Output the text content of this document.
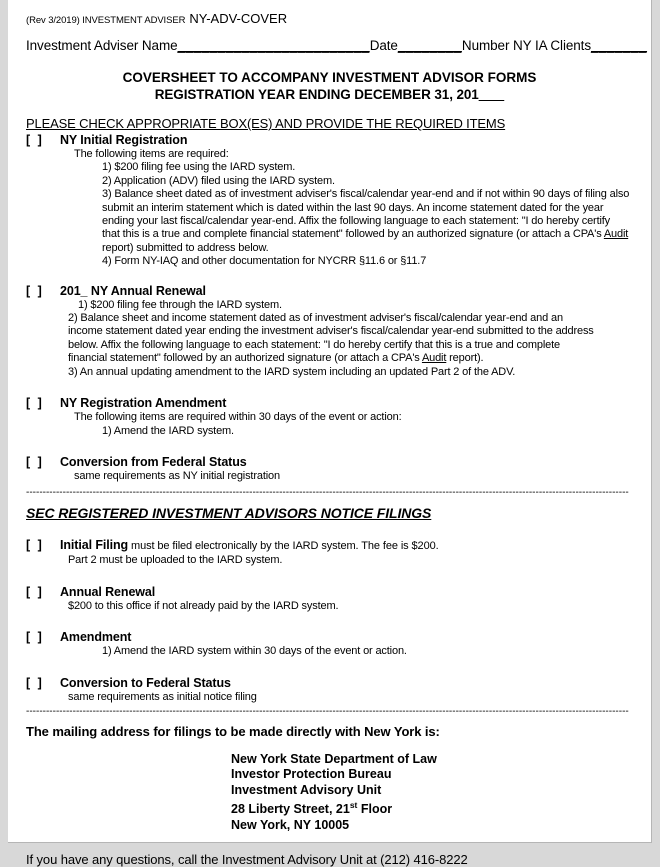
(Rev 3/2019) INVESTMENT ADVISER NY-ADV-COVER
Investment Adviser Name________________________Date________Number NY IA Clients_______
COVERSHEET TO ACCOMPANY INVESTMENT ADVISOR FORMS
REGISTRATION YEAR ENDING DECEMBER 31, 201___
PLEASE CHECK APPROPRIATE BOX(ES) AND PROVIDE THE REQUIRED ITEMS
[ ] NY Initial Registration
The following items are required:
1) $200 filing fee using the IARD system.
2) Application (ADV) filed using the IARD system.
3) Balance sheet dated as of investment adviser's fiscal/calendar year-end and if not within 90 days of filing also
submit an interim statement which is dated within the last 90 days. An income statement dated for the year
ending your last fiscal/calendar year-end. Affix the following language to each statement: "I do hereby certify
that this is a true and complete financial statement" followed by an authorized signature (or attach a CPA's Audit
report) submitted to address below.
4) Form NY-IAQ and other documentation for NYCRR §11.6 or §11.7
[ ] 201_ NY Annual Renewal
1) $200 filing fee through the IARD system.
2) Balance sheet and income statement dated as of investment adviser's fiscal/calendar year-end and an
income statement dated year ending the investment adviser's fiscal/calendar year-end submitted to the address
below. Affix the following language to each statement: "I do hereby certify that this is a true and complete
financial statement" followed by an authorized signature (or attach a CPA's Audit report).
3) An annual updating amendment to the IARD system including an updated Part 2 of the ADV.
[ ] NY Registration Amendment
The following items are required within 30 days of the event or action:
1) Amend the IARD system.
[ ] Conversion from Federal Status
same requirements as NY initial registration
-------------------------------------------------------------------------------------------------------------------------------------------------------------------------------------
SEC REGISTERED INVESTMENT ADVISORS NOTICE FILINGS
[ ] Initial Filing must be filed electronically by the IARD system. The fee is $200.
Part 2 must be uploaded to the IARD system.
[ ] Annual Renewal
$200 to this office if not already paid by the IARD system.
[ ] Amendment
1) Amend the IARD system within 30 days of the event or action.
[ ] Conversion to Federal Status
same requirements as initial notice filing
-------------------------------------------------------------------------------------------------------------------------------------------------------------------------------------
The mailing address for filings to be made directly with New York is:
New York State Department of Law
Investor Protection Bureau
Investment Advisory Unit
28 Liberty Street, 21st Floor
New York, NY 10005
If you have any questions, call the Investment Advisory Unit at (212) 416-8222
